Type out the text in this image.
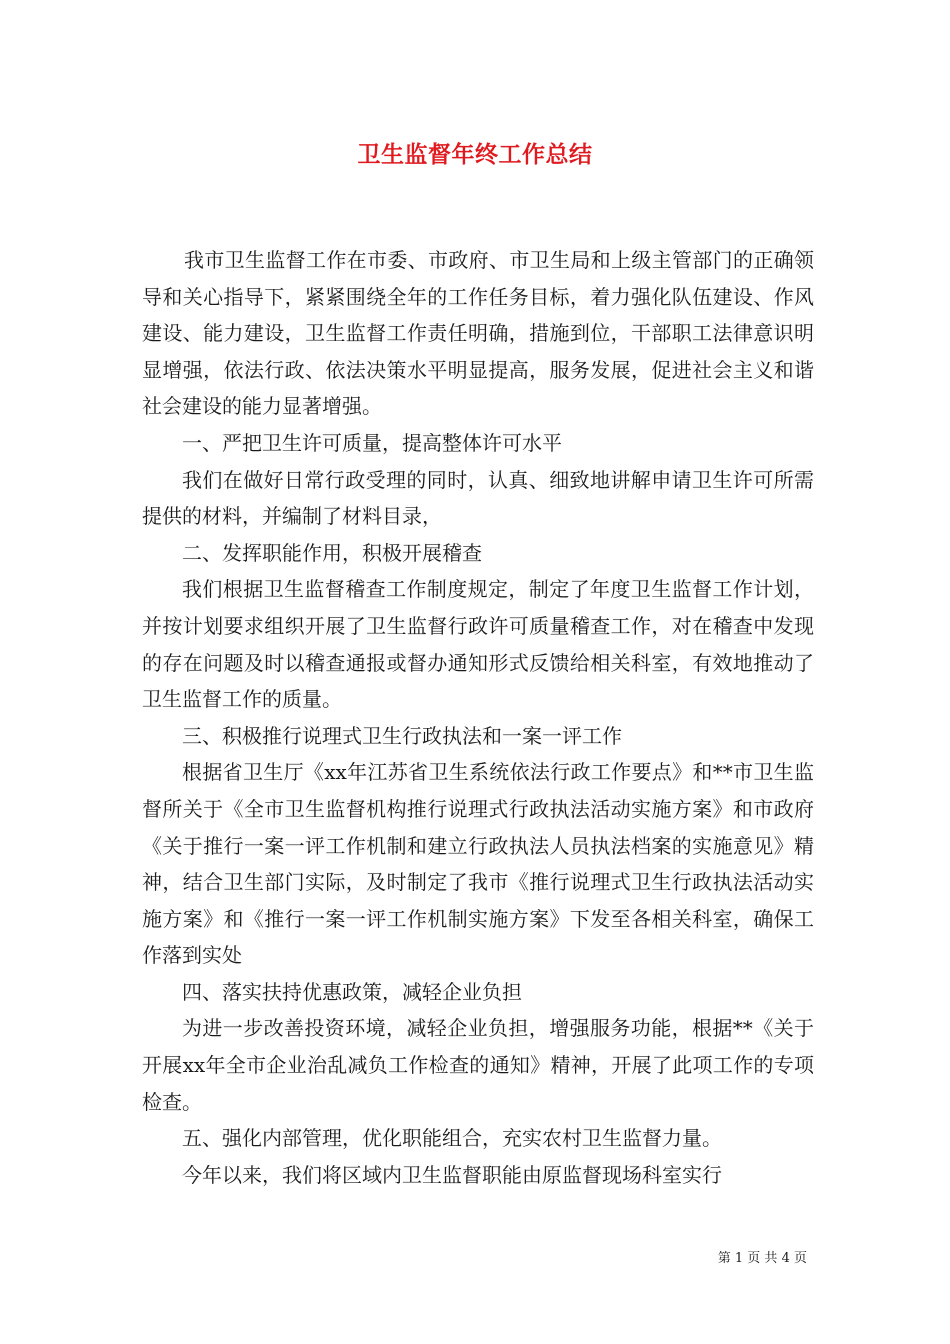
卫生监督年终工作总结

我市卫生监督工作在市委、市政府、市卫生局和上级主管部门的正确领导和关心指导下，紧紧围绕全年的工作任务目标，着力强化队伍建设、作风建设、能力建设，卫生监督工作责任明确，措施到位，干部职工法律意识明显增强，依法行政、依法决策水平明显提高，服务发展，促进社会主义和谐社会建设的能力显著增强。

一、严把卫生许可质量，提高整体许可水平

我们在做好日常行政受理的同时，认真、细致地讲解申请卫生许可所需提供的材料，并编制了材料目录，

二、发挥职能作用，积极开展稽查

我们根据卫生监督稽查工作制度规定，制定了年度卫生监督工作计划，并按计划要求组织开展了卫生监督行政许可质量稽查工作，对在稽查中发现的存在问题及时以稽查通报或督办通知形式反馈给相关科室，有效地推动了卫生监督工作的质量。

三、积极推行说理式卫生行政执法和一案一评工作

根据省卫生厅《xx年江苏省卫生系统依法行政工作要点》和**市卫生监督所关于《全市卫生监督机构推行说理式行政执法活动实施方案》和市政府《关于推行一案一评工作机制和建立行政执法人员执法档案的实施意见》精神，结合卫生部门实际，及时制定了我市《推行说理式卫生行政执法活动实施方案》和《推行一案一评工作机制实施方案》下发至各相关科室，确保工作落到实处

四、落实扶持优惠政策，减轻企业负担

为进一步改善投资环境，减轻企业负担，增强服务功能，根据**《关于开展xx年全市企业治乱减负工作检查的通知》精神，开展了此项工作的专项检查。

五、强化内部管理，优化职能组合，充实农村卫生监督力量。

今年以来，我们将区域内卫生监督职能由原监督现场科室实行

第 1 页 共 4 页
